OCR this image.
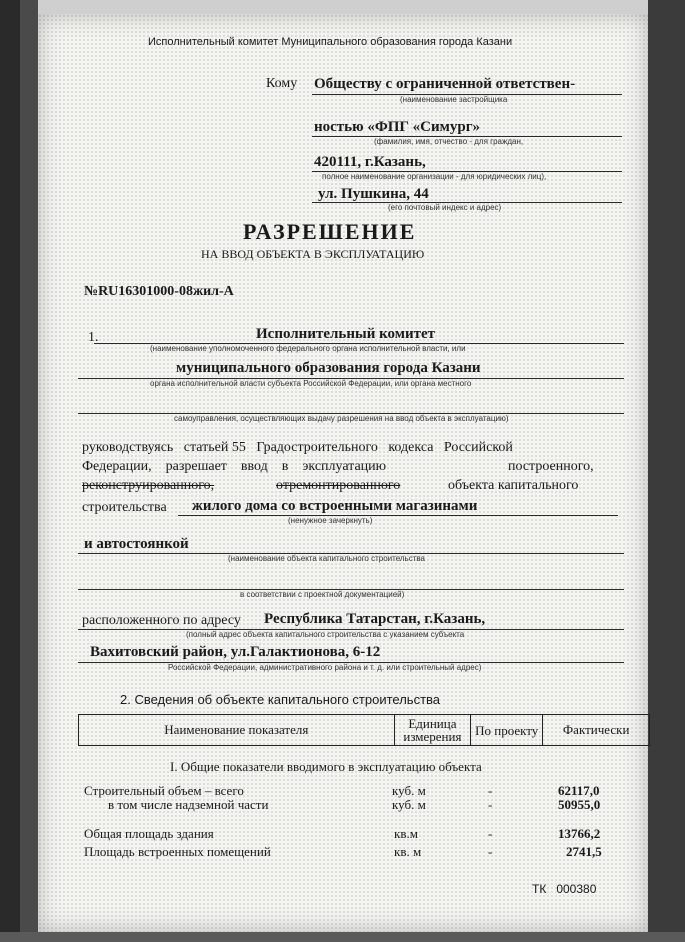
Исполнительный комитет Муниципального образования города Казани
Кому Обществу с ограниченной ответствен-
(наименование застройщика
ностью «ФПГ «Симург»
(фамилия, имя, отчество - для граждан,
420111, г.Казань,
полное наименование организации - для юридических лиц),
ул. Пушкина, 44
(его почтовый индекс и адрес)
РАЗРЕШЕНИЕ
НА ВВОД ОБЪЕКТА В ЭКСПЛУАТАЦИЮ
№RU16301000-08жил-А
1.	Исполнительный комитет
(наименование уполномоченного федерального органа исполнительной власти, или
муниципального образования города Казани
органа исполнительной власти субъекта Российской Федерации, или органа местного
самоуправления, осуществляющих выдачу разрешения на ввод объекта в эксплуатацию)
руководствуясь   статьей 55   Градостроительного   кодекса   Российской
Федерации,    разрешает    ввод    в    эксплуатацию	построенного,
реконструированного,	отремонтированного	объекта капитального
строительства жилого дома со встроенными магазинами
(ненужное зачеркнуть)
и автостоянкой
(наименование объекта капитального строительства
в соответствии с проектной документацией)
расположенного по адресу Республика Татарстан, г.Казань,
(полный адрес объекта капитального строительства с указанием субъекта
Вахитовский район, ул.Галактионова, 6-12
Российской Федерации, административного района и т. д. или строительный адрес)
2. Сведения об объекте капитального строительства
Наименование показателя	Единица измерения	По проекту	Фактически
I. Общие показатели вводимого в эксплуатацию объекта
Строительный объем – всего	куб. м	-	62117,0
в том числе надземной части	куб. м	-	50955,0
Общая площадь здания	кв.м	-	13766,2
Площадь встроенных помещений	кв. м	-	2741,5
ТК   000380
